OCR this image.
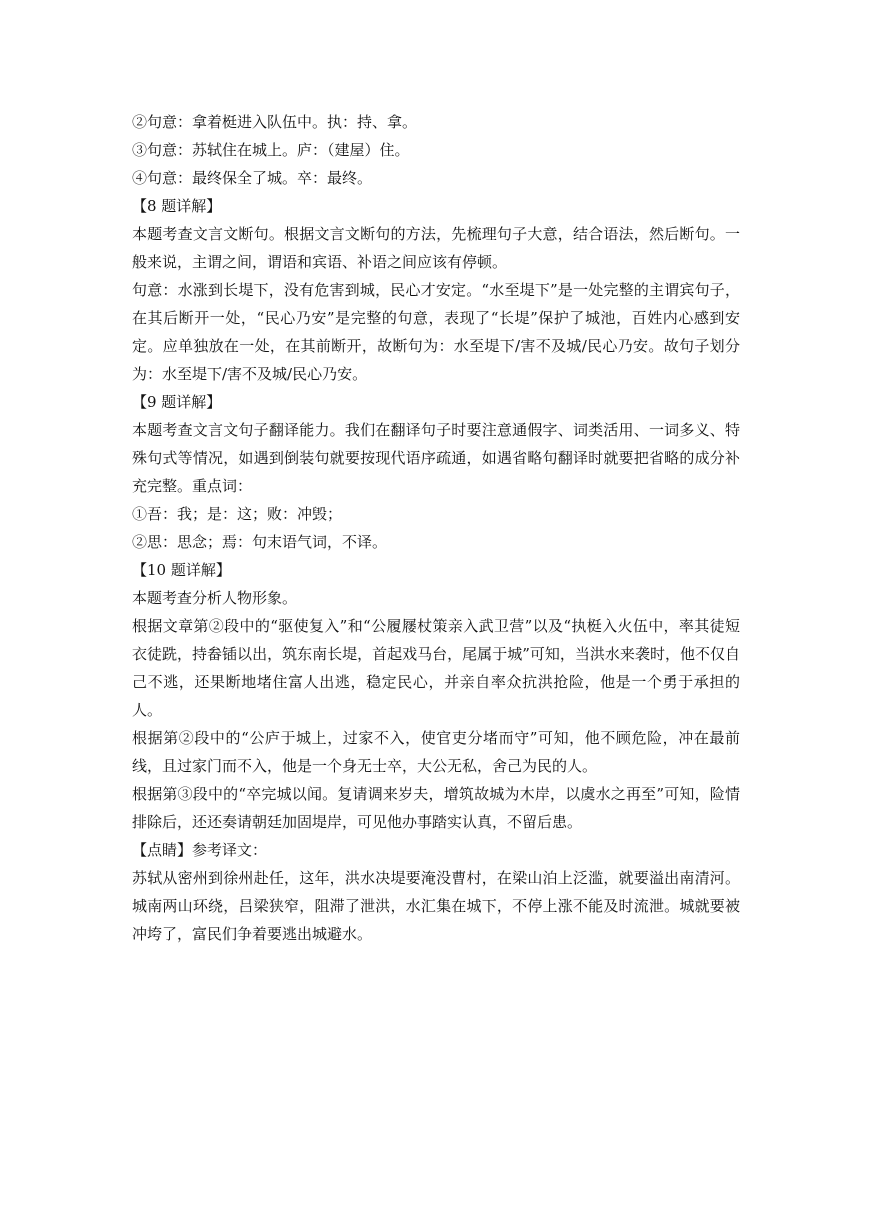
②句意：拿着梃进入队伍中。执：持、拿。

③句意：苏轼住在城上。庐：（建屋）住。

④句意：最终保全了城。卒：最终。

【8 题详解】

本题考查文言文断句。根据文言文断句的方法，先梳理句子大意，结合语法，然后断句。一般来说，主谓之间，谓语和宾语、补语之间应该有停顿。

句意：水涨到长堤下，没有危害到城，民心才安定。“水至堤下”是一处完整的主谓宾句子，在其后断开一处，“民心乃安”是完整的句意，表现了“长堤”保护了城池，百姓内心感到安定。应单独放在一处，在其前断开，故断句为：水至堤下/害不及城/民心乃安。故句子划分为：水至堤下/害不及城/民心乃安。

【9 题详解】

本题考查文言文句子翻译能力。我们在翻译句子时要注意通假字、词类活用、一词多义、特殊句式等情况，如遇到倒装句就要按现代语序疏通，如遇省略句翻译时就要把省略的成分补充完整。重点词：

①吾：我；是：这；败：冲毁；

②思：思念；焉：句末语气词，不译。

【10 题详解】

本题考查分析人物形象。

根据文章第②段中的“驱使复入”和“公履屦杖策亲入武卫营”以及“执梃入火伍中，率其徒短衣徒跣，持畚锸以出，筑东南长堤，首起戏马台，尾属于城”可知，当洪水来袭时，他不仅自己不逃，还果断地堵住富人出逃，稳定民心，并亲自率众抗洪抢险，他是一个勇于承担的人。

根据第②段中的“公庐于城上，过家不入，使官吏分堵而守”可知，他不顾危险，冲在最前线，且过家门而不入，他是一个身无士卒，大公无私，舍己为民的人。

根据第③段中的“卒完城以闻。复请调来岁夫，增筑故城为木岸，以虞水之再至”可知，险情排除后，还还奏请朝廷加固堤岸，可见他办事踏实认真，不留后患。

【点睛】参考译文：

苏轼从密州到徐州赴任，这年，洪水决堤要淹没曹村，在梁山泊上泛滥，就要溢出南清河。城南两山环绕，吕梁狭窄，阻滞了泄洪，水汇集在城下，不停上涨不能及时流泄。城就要被冲垮了，富民们争着要逃出城避水。
